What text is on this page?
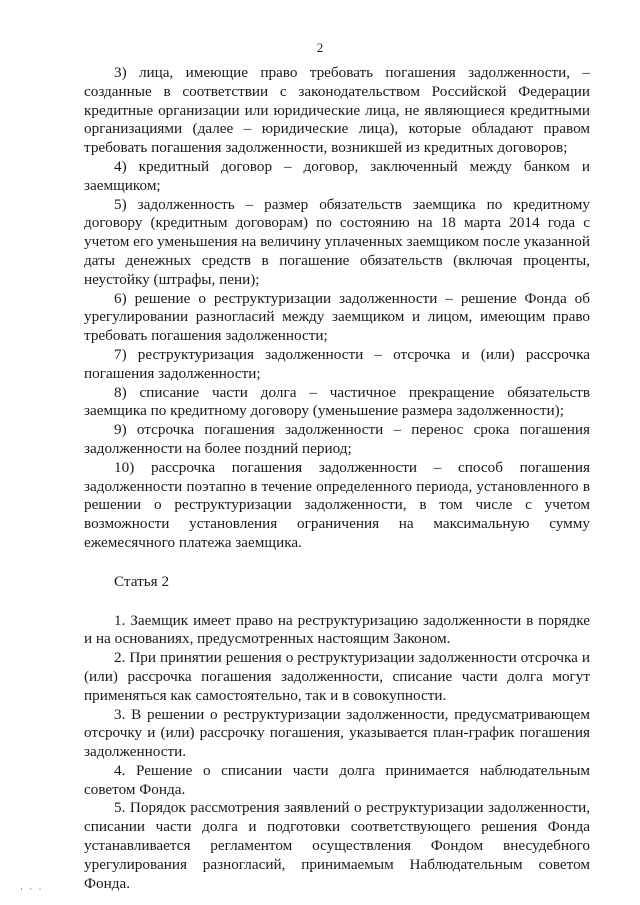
2

3) лица, имеющие право требовать погашения задолженности, – созданные в соответствии с законодательством Российской Федерации кредитные организации или юридические лица, не являющиеся кредитными организациями (далее – юридические лица), которые обладают правом требовать погашения задолженности, возникшей из кредитных договоров;

4) кредитный договор – договор, заключенный между банком и заемщиком;

5) задолженность – размер обязательств заемщика по кредитному договору (кредитным договорам) по состоянию на 18 марта 2014 года с учетом его уменьшения на величину уплаченных заемщиком после указанной даты денежных средств в погашение обязательств (включая проценты, неустойку (штрафы, пени);

6) решение о реструктуризации задолженности – решение Фонда об урегулировании разногласий между заемщиком и лицом, имеющим право требовать погашения задолженности;

7) реструктуризация задолженности – отсрочка и (или) рассрочка погашения задолженности;

8) списание части долга – частичное прекращение обязательств заемщика по кредитному договору (уменьшение размера задолженности);

9) отсрочка погашения задолженности – перенос срока погашения задолженности на более поздний период;

10) рассрочка погашения задолженности – способ погашения задолженности поэтапно в течение определенного периода, установленного в решении о реструктуризации задолженности, в том числе с учетом возможности установления ограничения на максимальную сумму ежемесячного платежа заемщика.

Статья 2

1. Заемщик имеет право на реструктуризацию задолженности в порядке и на основаниях, предусмотренных настоящим Законом.

2. При принятии решения о реструктуризации задолженности отсрочка и (или) рассрочка погашения задолженности, списание части долга могут применяться как самостоятельно, так и в совокупности.

3. В решении о реструктуризации задолженности, предусматривающем отсрочку и (или) рассрочку погашения, указывается план-график погашения задолженности.

4. Решение о списании части долга принимается наблюдательным советом Фонда.

5. Порядок рассмотрения заявлений о реструктуризации задолженности, списании части долга и подготовки соответствующего решения Фонда устанавливается регламентом осуществления Фондом внесудебного урегулирования разногласий, принимаемым Наблюдательным советом Фонда.

· · ·
